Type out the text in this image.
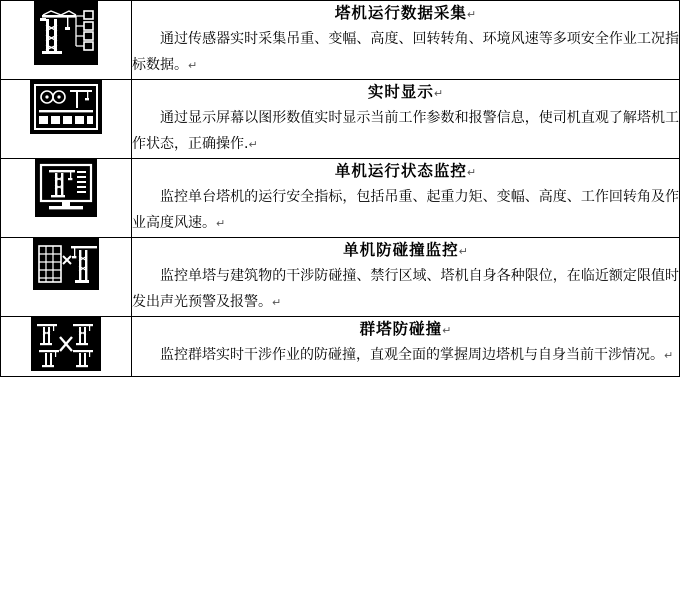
塔机运行数据采集↵

通过传感器实时采集吊重、变幅、高度、回转转角、环境风速等多项安全作业工况指标数据。↵

实时显示↵

通过显示屏幕以图形数值实时显示当前工作参数和报警信息，使司机直观了解塔机工作状态，正确操作.↵

单机运行状态监控↵

监控单台塔机的运行安全指标，包括吊重、起重力矩、变幅、高度、工作回转角及作业高度风速。↵

单机防碰撞监控↵

监控单塔与建筑物的干涉防碰撞、禁行区域、塔机自身各种限位，在临近额定限值时发出声光预警及报警。↵

群塔防碰撞↵

监控群塔实时干涉作业的防碰撞，直观全面的掌握周边塔机与自身当前干涉情况。↵
